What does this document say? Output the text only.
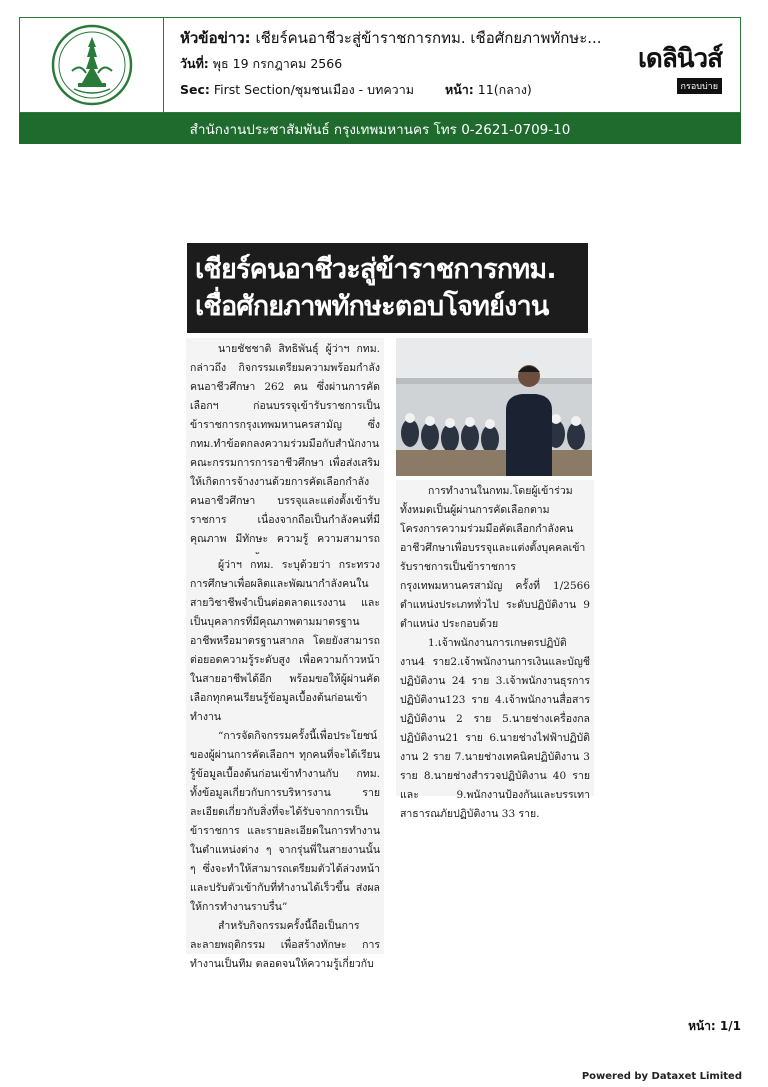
หัวข้อข่าว: เชียร์คนอาชีวะสู่ข้าราชการกทม. เชือศักยภาพทักษะ...
วันที่: พุธ 19 กรกฎาคม 2566
Sec: First Section/ชุมชนเมือง - บทความ	หน้า: 11(กลาง)
เดลินิวส์
กรอบบ่าย
สำนักงานประชาสัมพันธ์ กรุงเทพมหานคร โทร 0-2621-0709-10
เชียร์คนอาชีวะสู่ข้าราชการกทม.
เชื่อศักยภาพทักษะตอบโจทย์งาน

นายชัชชาติ สิทธิพันธุ์ ผู้ว่าฯ กทม. กล่าวถึง กิจกรรมเตรียมความพร้อมกำลังคนอาชีวศึกษา 262 คน ซึ่งผ่านการคัดเลือกฯ ก่อนบรรจุเข้ารับราชการเป็นข้าราชการกรุงเทพมหานครสามัญ ซึ่ง กทม.ทำข้อตกลงความร่วมมือกับสำนักงานคณะกรรมการการอาชีวศึกษา เพื่อส่งเสริมให้เกิดการจ้างงานด้วยการคัดเลือกกำลังคนอาชีวศึกษา บรรจุและแต่งตั้งเข้ารับราชการ เนื่องจากถือเป็นกำลังคนที่มีคุณภาพ มีทักษะ ความรู้ ความสามารถ

การทำงานในกทม.โดยผู้เข้าร่วมทั้งหมดเป็นผู้ผ่านการคัดเลือกตามโครงการความร่วมมือคัดเลือกกำลังคนอาชีวศึกษาเพื่อบรรจุและแต่งตั้งบุคคลเข้ารับราชการเป็นข้าราชการกรุงเทพมหานครสามัญ ครั้งที่ 1/2566 ตำแหน่งประเภททั่วไป ระดับปฏิบัติงาน 9 ตำแหน่ง ประกอบด้วย

1.เจ้าพนักงานการเกษตรปฏิบัติงาน4 ราย2.เจ้าพนักงานการเงินและบัญชีปฏิบัติงาน 24 ราย 3.เจ้าพนักงานธุรการปฏิบัติงาน123 ราย 4.เจ้าพนักงานสื่อสารปฏิบัติงาน 2 ราย 5.นายช่างเครื่องกลปฏิบัติงาน21 ราย 6.นายช่างไฟฟ้าปฏิบัติงาน 2 ราย 7.นายช่างเทคนิคปฏิบัติงาน 3 ราย 8.นายช่างสำรวจปฏิบัติงาน 40 ราย และ 9.พนักงานป้องกันและบรรเทาสาธารณภัยปฏิบัติงาน 33 ราย.

ผู้ว่าฯ กทม. ระบุด้วยว่า กระทรวงการศึกษาเพื่อผลิตและพัฒนากำลังคนในสายวิชาชีพจำเป็นต่อตลาดแรงงาน และเป็นบุคลากรที่มีคุณภาพตามมาตรฐานอาชีพหรือมาตรฐานสากล โดยยังสามารถต่อยอดความรู้ระดับสูง เพื่อความก้าวหน้าในสายอาชีพได้อีก พร้อมขอให้ผู้ผ่านคัดเลือกทุกคนเรียนรู้ข้อมูลเบื้องต้นก่อนเข้าทำงาน

“การจัดกิจกรรมครั้งนี้เพื่อประโยชน์ของผู้ผ่านการคัดเลือกฯ ทุกคนที่จะได้เรียนรู้ข้อมูลเบื้องต้นก่อนเข้าทำงานกับ กทม. ทั้งข้อมูลเกี่ยวกับการบริหารงาน รายละเอียดเกี่ยวกับสิ่งที่จะได้รับจากการเป็นข้าราชการ และรายละเอียดในการทำงานในตำแหน่งต่าง ๆ จากรุ่นพี่ในสายงานนั้น ๆ ซึ่งจะทำให้สามารถเตรียมตัวได้ล่วงหน้า และปรับตัวเข้ากับที่ทำงานได้เร็วขึ้น ส่งผลให้การทำงานราบรื่น”

สำหรับกิจกรรมครั้งนี้ถือเป็นการละลายพฤติกรรม เพื่อสร้างทักษะ การทำงานเป็นทีม ตลอดจนให้ความรู้เกี่ยวกับ

หน้า: 1/1
Powered by Dataxet Limited
